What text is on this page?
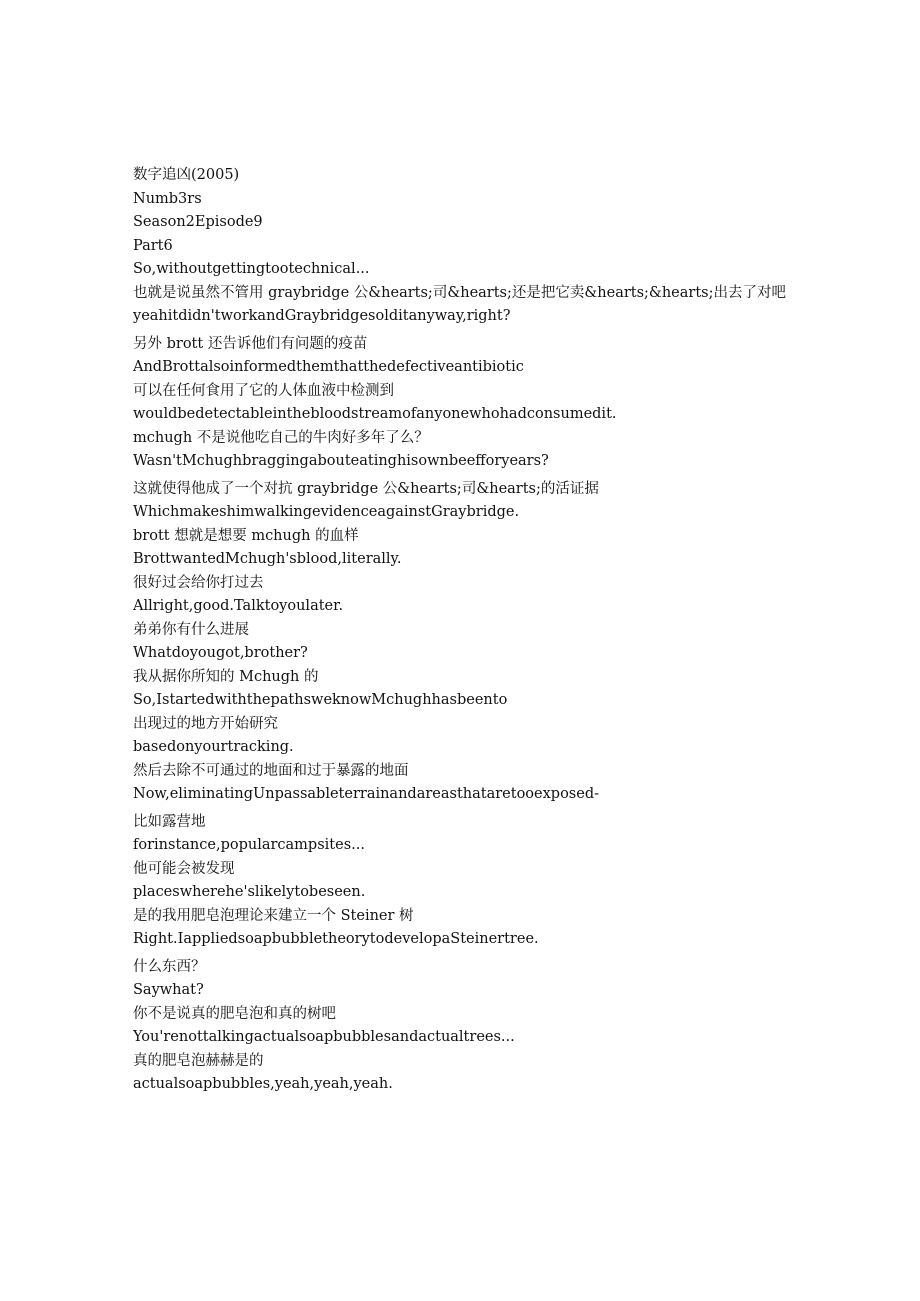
数字追凶(2005)
Numb3rs
Season2Episode9
Part6
So,withoutgettingtootechnical...
也就是说虽然不管用 graybridge 公&hearts;司&hearts;还是把它卖&hearts;&hearts;出去了对吧
yeahitdidn'tworkandGraybridgesolditanyway,right?
另外 brott 还告诉他们有问题的疫苗
AndBrottalsoinformedthemthatthedefectiveantibiotic
可以在任何食用了它的人体血液中检测到
wouldbedetectableinthebloodstreamofanyonewhohadconsumedit.
mchugh 不是说他吃自己的牛肉好多年了么？
Wasn'tMchughbraggingabouteatinghisownbeefforyears?
这就使得他成了一个对抗 graybridge 公&hearts;司&hearts;的活证据
WhichmakeshimwalkingevidenceagainstGraybridge.
brott 想就是想要 mchugh 的血样
BrottwantedMchugh'sblood,literally.
很好过会给你打过去
Allright,good.Talktoyoulater.
弟弟你有什么进展
Whatdoyougot,brother?
我从据你所知的 Mchugh 的
So,IstartedwiththepathsweknowMchughhasbeento
出现过的地方开始研究
basedonyourtracking.
然后去除不可通过的地面和过于暴露的地面
Now,eliminatingUnpassableterrainandareasthataretooexposed-
比如露营地
forinstance,popularcampsites...
他可能会被发现
placeswherehe'slikelytobeseen.
是的我用肥皂泡理论来建立一个 Steiner 树
Right.IappliedsoapbubbletheorytodevelopaSteinertree.
什么东西？
Saywhat?
你不是说真的肥皂泡和真的树吧
You'renottalkingactualsoapbubblesandactualtrees...
真的肥皂泡赫赫是的
actualsoapbubbles,yeah,yeah,yeah.
